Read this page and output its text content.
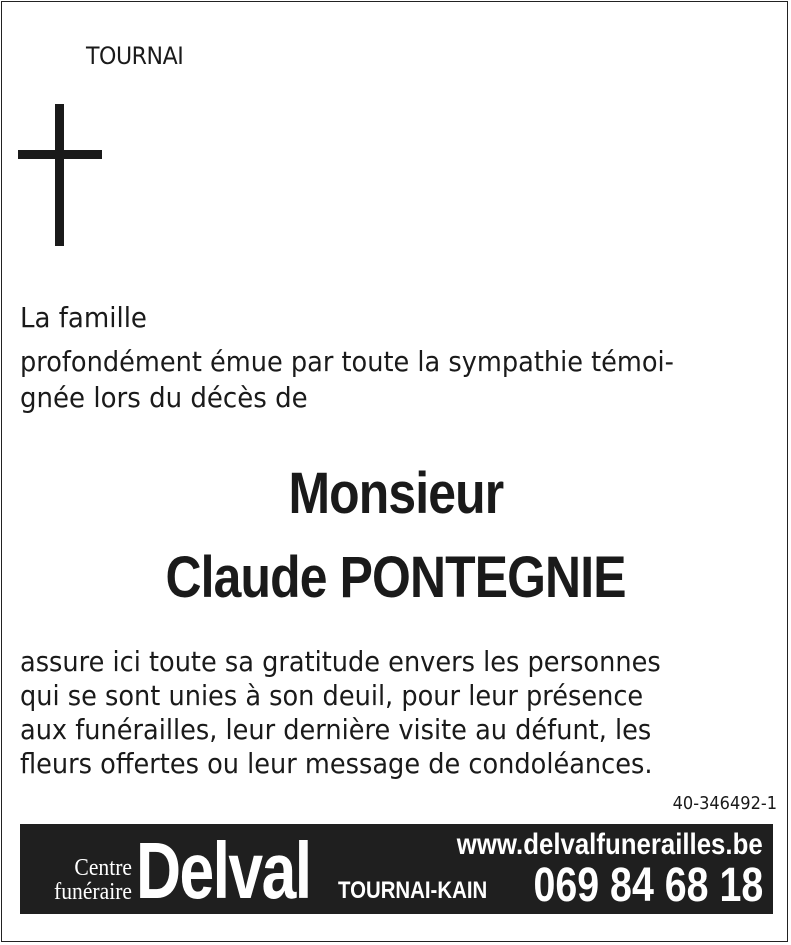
TOURNAI
La famille
profondément émue par toute la sympathie témoi-
gnée lors du décès de
Monsieur
Claude PONTEGNIE
assure ici toute sa gratitude envers les personnes
qui se sont unies à son deuil, pour leur présence
aux funérailles, leur dernière visite au défunt, les
fleurs offertes ou leur message de condoléances.
40-346492-1
Centre
funéraire Delval	www.delvalfunerailles.be
TOURNAI-KAIN 069 84 68 18
